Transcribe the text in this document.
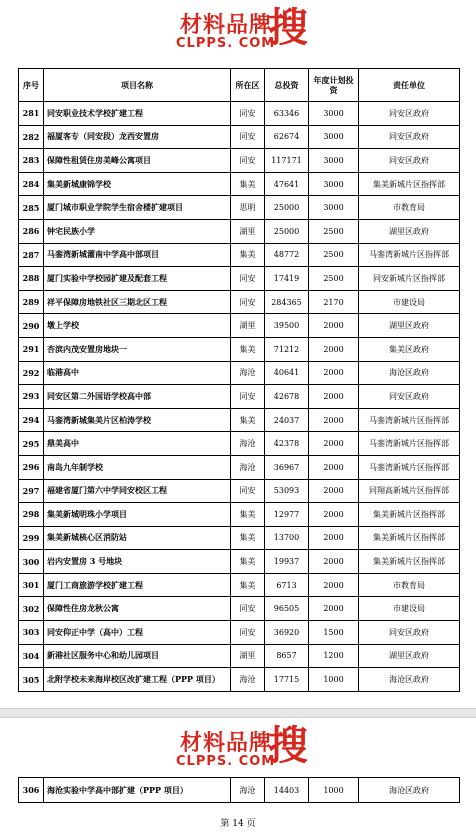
材料品牌
CLPPS. COM
搜
序号	项目名称	所在区	总投资	年度计划投资	责任单位
281	同安职业技术学校扩建工程	同安	63346	3000	同安区政府
282	福厦客专（同安段）龙西安置房	同安	62674	3000	同安区政府
283	保障性租赁住房美峰公寓项目	同安	117171	3000	同安区政府
284	集美新城康锦学校	集美	47641	3000	集美新城片区指挥部
285	厦门城市职业学院学生宿舍楼扩建项目	思明	25000	3000	市教育局
286	钟宅民族小学	湖里	25000	2500	湖里区政府
287	马銮湾新城灌南中学高中部项目	集美	48772	2500	马銮湾新城片区指挥部
288	厦门实验中学校园扩建及配套工程	同安	17419	2500	同安新城片区指挥部
289	祥平保障房地铁社区三期北区工程	同安	284365	2170	市建设局
290	墩上学校	湖里	39500	2000	湖里区政府
291	杏滨内茂安置房地块一	集美	71212	2000	集美区政府
292	临港高中	海沧	40641	2000	海沧区政府
293	同安区第二外国语学校高中部	同安	42678	2000	同安区政府
294	马銮湾新城集美片区柏涛学校	集美	24037	2000	马銮湾新城片区指挥部
295	鼎美高中	海沧	42378	2000	马銮湾新城片区指挥部
296	南岛九年制学校	海沧	36967	2000	马銮湾新城片区指挥部
297	福建省厦门第六中学同安校区工程	同安	53093	2000	同翔高新城片区指挥部
298	集美新城明珠小学项目	集美	12977	2000	集美新城片区指挥部
299	集美新城核心区消防站	集美	13700	2000	集美新城片区指挥部
300	岩内安置房 3 号地块	集美	19937	2000	集美新城片区指挥部
301	厦门工商旅游学校扩建工程	集美	6713	2000	市教育局
302	保障性住房龙秋公寓	同安	96505	2000	市建设局
303	同安仰正中学（高中）工程	同安	36920	1500	同安区政府
304	新港社区服务中心和幼儿园项目	湖里	8657	1200	湖里区政府
305	北附学校未来海岸校区改扩建工程（PPP 项目）	海沧	17715	1000	海沧区政府
材料品牌
CLPPS. COM
搜
306	海沧实验中学高中部扩建（PPP 项目）	海沧	14403	1000	海沧区政府
第 14 页
